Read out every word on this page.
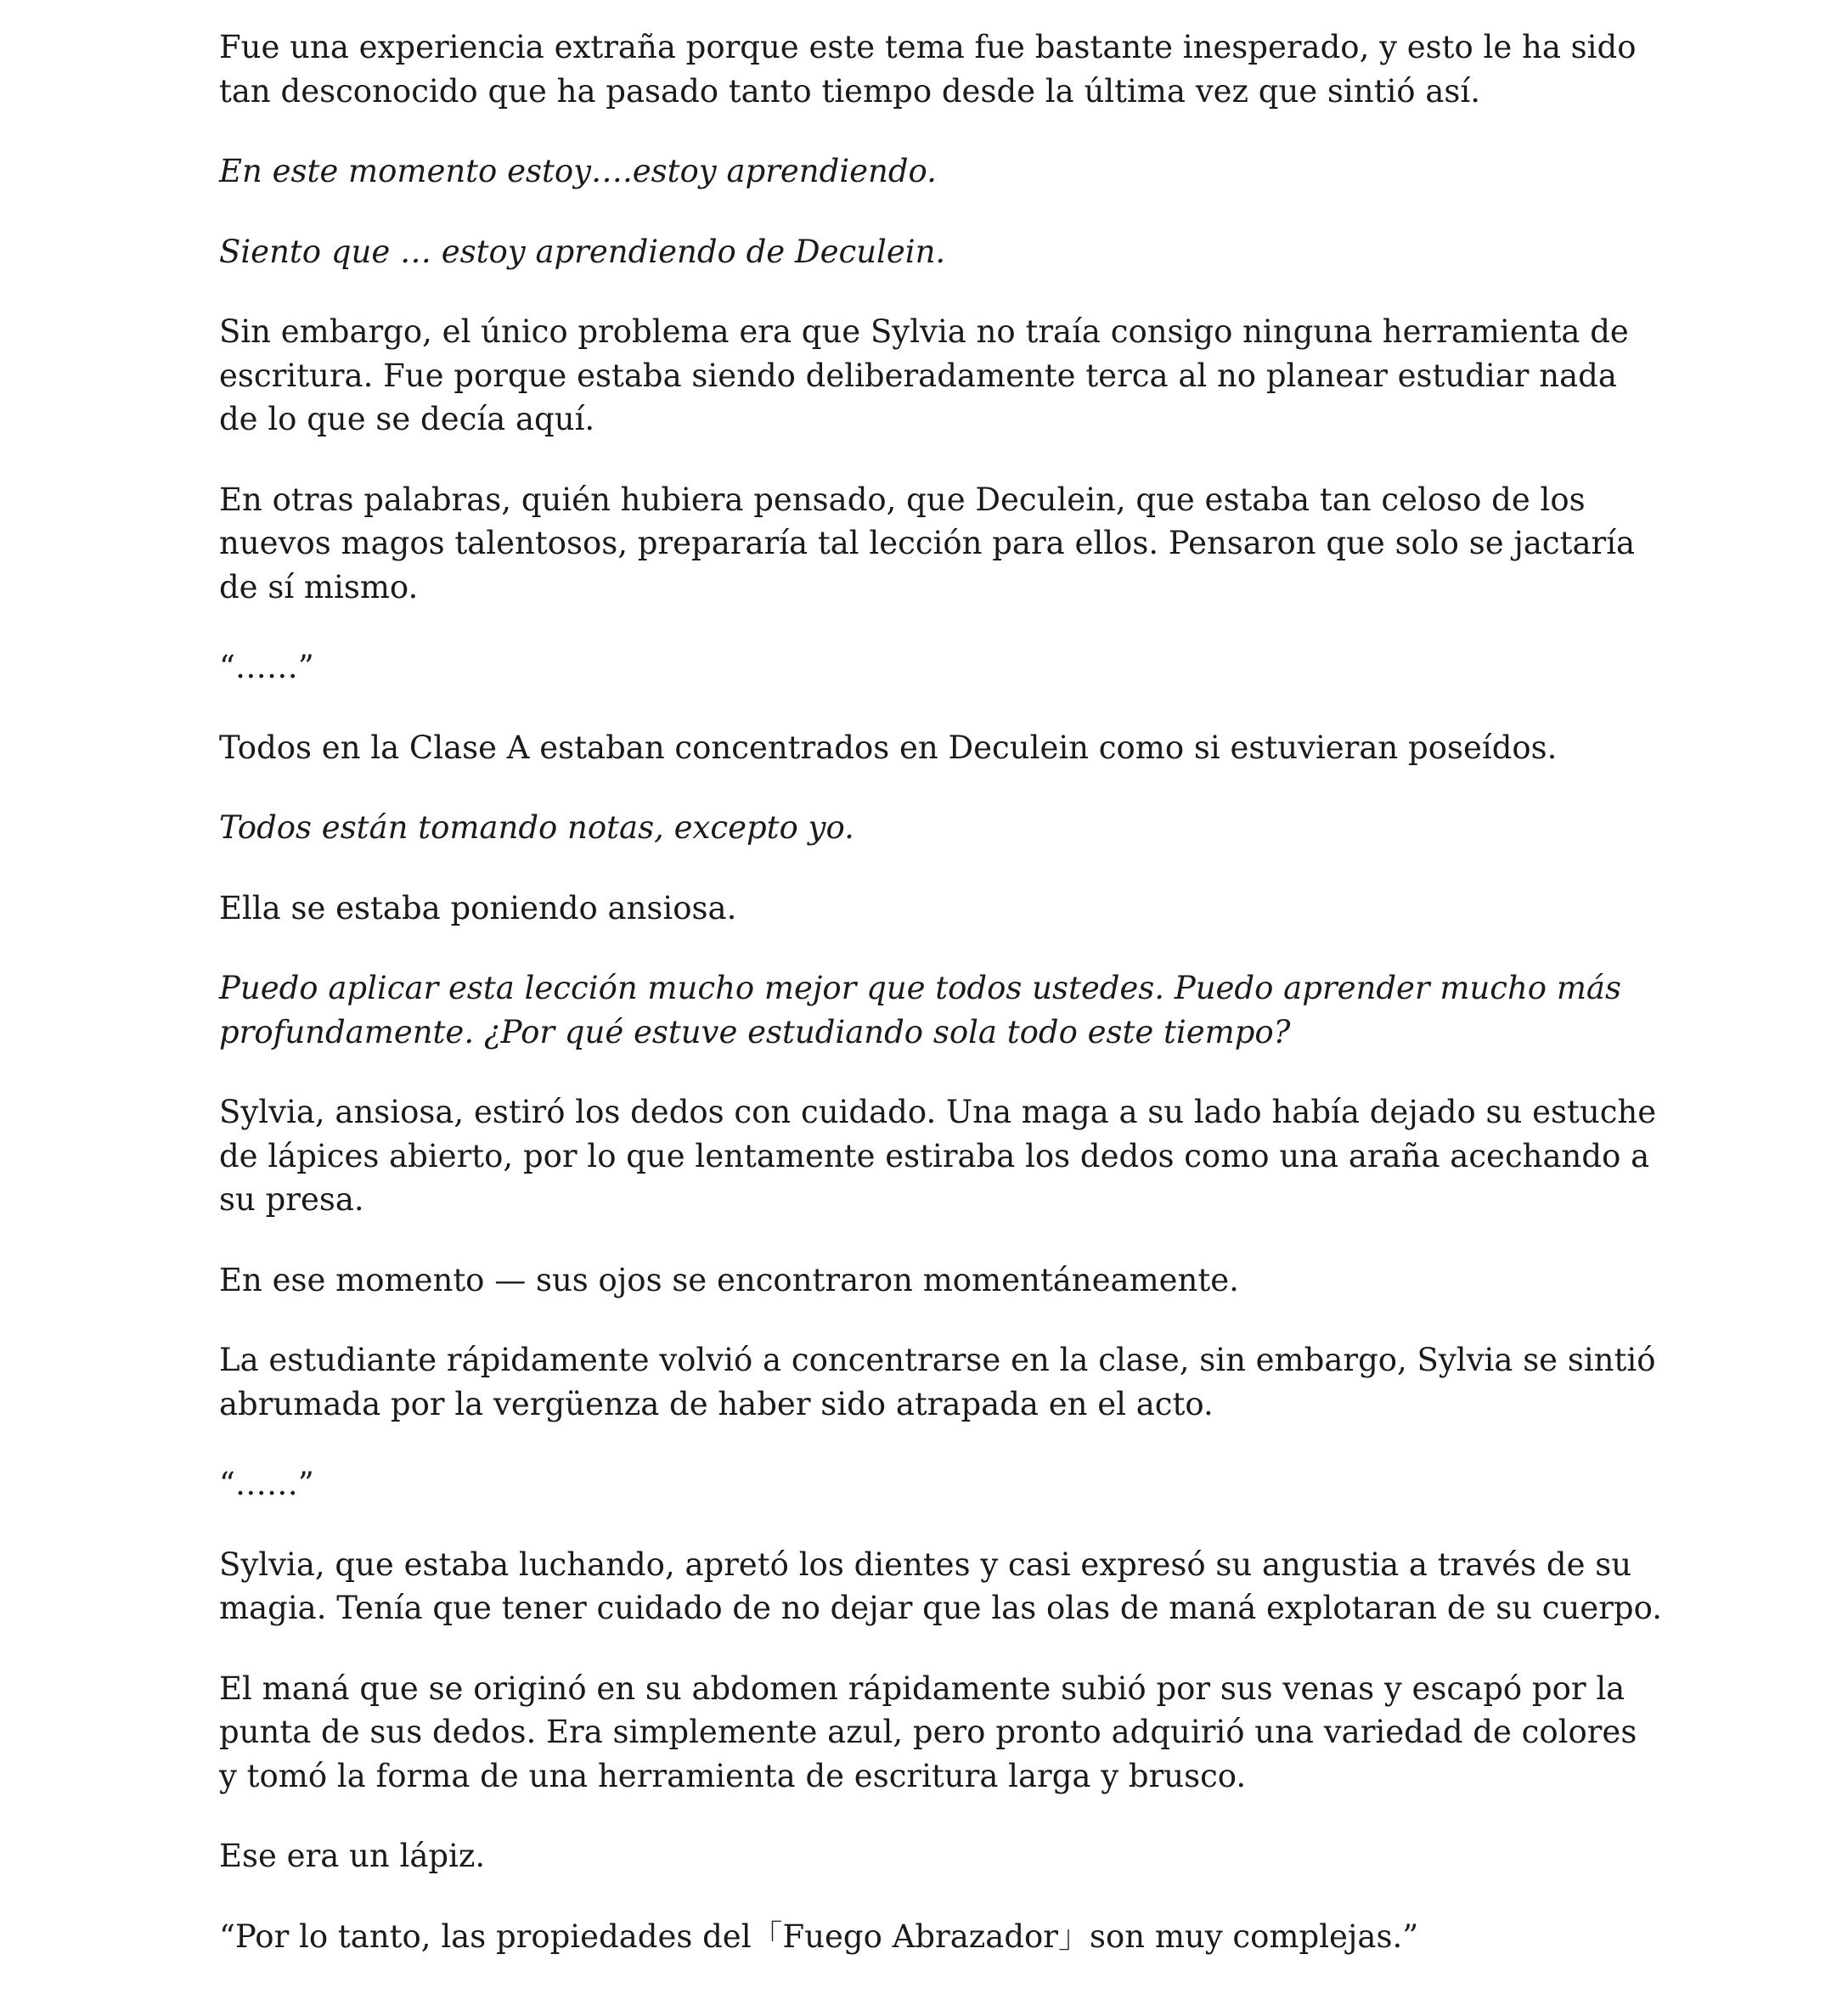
Fue una experiencia extraña porque este tema fue bastante inesperado, y esto le ha sido tan desconocido que ha pasado tanto tiempo desde la última vez que sintió así.

En este momento estoy….estoy aprendiendo.

Siento que … estoy aprendiendo de Deculein.

Sin embargo, el único problema era que Sylvia no traía consigo ninguna herramienta de escritura. Fue porque estaba siendo deliberadamente terca al no planear estudiar nada de lo que se decía aquí.

En otras palabras, quién hubiera pensado, que Deculein, que estaba tan celoso de los nuevos magos talentosos, prepararía tal lección para ellos. Pensaron que solo se jactaría de sí mismo.

“……”

Todos en la Clase A estaban concentrados en Deculein como si estuvieran poseídos.

Todos están tomando notas, excepto yo.

Ella se estaba poniendo ansiosa.

Puedo aplicar esta lección mucho mejor que todos ustedes. Puedo aprender mucho más profundamente. ¿Por qué estuve estudiando sola todo este tiempo?

Sylvia, ansiosa, estiró los dedos con cuidado. Una maga a su lado había dejado su estuche de lápices abierto, por lo que lentamente estiraba los dedos como una araña acechando a su presa.

En ese momento — sus ojos se encontraron momentáneamente.

La estudiante rápidamente volvió a concentrarse en la clase, sin embargo, Sylvia se sintió abrumada por la vergüenza de haber sido atrapada en el acto.

“……”

Sylvia, que estaba luchando, apretó los dientes y casi expresó su angustia a través de su magia. Tenía que tener cuidado de no dejar que las olas de maná explotaran de su cuerpo.

El maná que se originó en su abdomen rápidamente subió por sus venas y escapó por la punta de sus dedos. Era simplemente azul, pero pronto adquirió una variedad de colores y tomó la forma de una herramienta de escritura larga y brusco.

Ese era un lápiz.

“Por lo tanto, las propiedades del「Fuego Abrazador」son muy complejas.”
